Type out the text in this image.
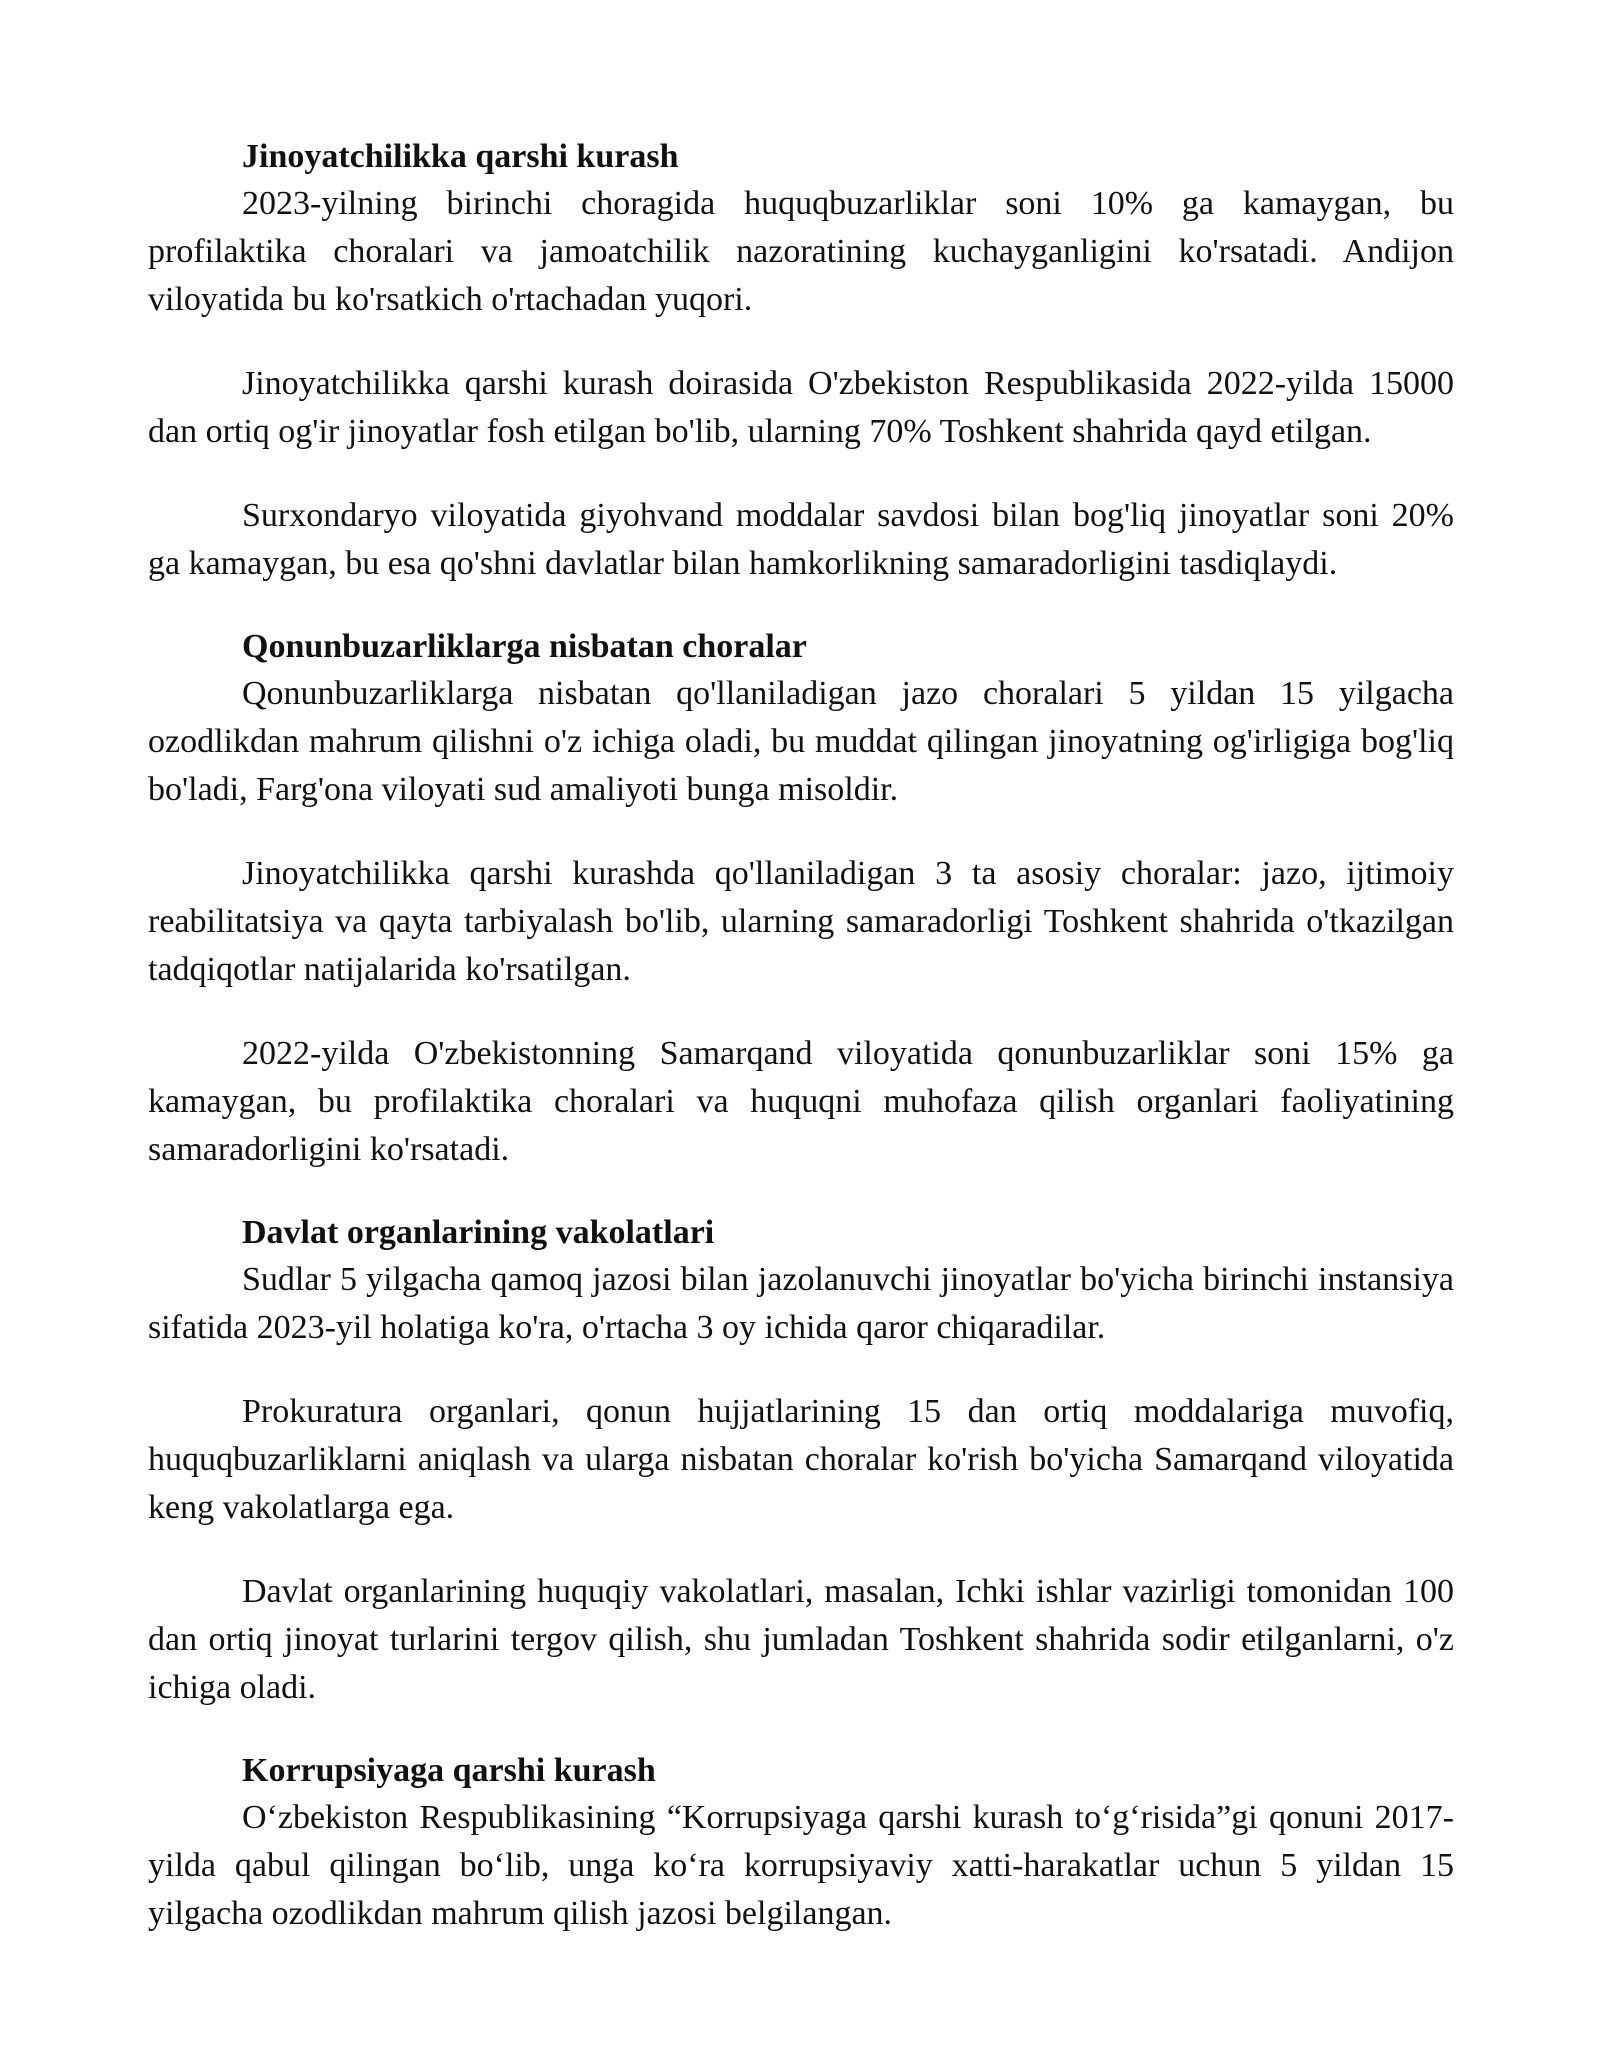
Jinoyatchilikka qarshi kurash

2023-yilning birinchi choragida huquqbuzarliklar soni 10% ga kamaygan, bu profilaktika choralari va jamoatchilik nazoratining kuchayganligini ko'rsatadi. Andijon viloyatida bu ko'rsatkich o'rtachadan yuqori.

Jinoyatchilikka qarshi kurash doirasida O'zbekiston Respublikasida 2022-yilda 15000 dan ortiq og'ir jinoyatlar fosh etilgan bo'lib, ularning 70% Toshkent shahrida qayd etilgan.

Surxondaryo viloyatida giyohvand moddalar savdosi bilan bog'liq jinoyatlar soni 20% ga kamaygan, bu esa qo'shni davlatlar bilan hamkorlikning samaradorligini tasdiqlaydi.

Qonunbuzarliklarga nisbatan choralar

Qonunbuzarliklarga nisbatan qo'llaniladigan jazo choralari 5 yildan 15 yilgacha ozodlikdan mahrum qilishni o'z ichiga oladi, bu muddat qilingan jinoyatning og'irligiga bog'liq bo'ladi, Farg'ona viloyati sud amaliyoti bunga misoldir.

Jinoyatchilikka qarshi kurashda qo'llaniladigan 3 ta asosiy choralar: jazo, ijtimoiy reabilitatsiya va qayta tarbiyalash bo'lib, ularning samaradorligi Toshkent shahrida o'tkazilgan tadqiqotlar natijalarida ko'rsatilgan.

2022-yilda O'zbekistonning Samarqand viloyatida qonunbuzarliklar soni 15% ga kamaygan, bu profilaktika choralari va huquqni muhofaza qilish organlari faoliyatining samaradorligini ko'rsatadi.

Davlat organlarining vakolatlari

Sudlar 5 yilgacha qamoq jazosi bilan jazolanuvchi jinoyatlar bo'yicha birinchi instansiya sifatida 2023-yil holatiga ko'ra, o'rtacha 3 oy ichida qaror chiqaradilar.

Prokuratura organlari, qonun hujjatlarining 15 dan ortiq moddalariga muvofiq, huquqbuzarliklarni aniqlash va ularga nisbatan choralar ko'rish bo'yicha Samarqand viloyatida keng vakolatlarga ega.

Davlat organlarining huquqiy vakolatlari, masalan, Ichki ishlar vazirligi tomonidan 100 dan ortiq jinoyat turlarini tergov qilish, shu jumladan Toshkent shahrida sodir etilganlarni, o'z ichiga oladi.

Korrupsiyaga qarshi kurash

O‘zbekiston Respublikasining “Korrupsiyaga qarshi kurash to‘g‘risida”gi qonuni 2017-yilda qabul qilingan bo‘lib, unga ko‘ra korrupsiyaviy xatti-harakatlar uchun 5 yildan 15 yilgacha ozodlikdan mahrum qilish jazosi belgilangan.
